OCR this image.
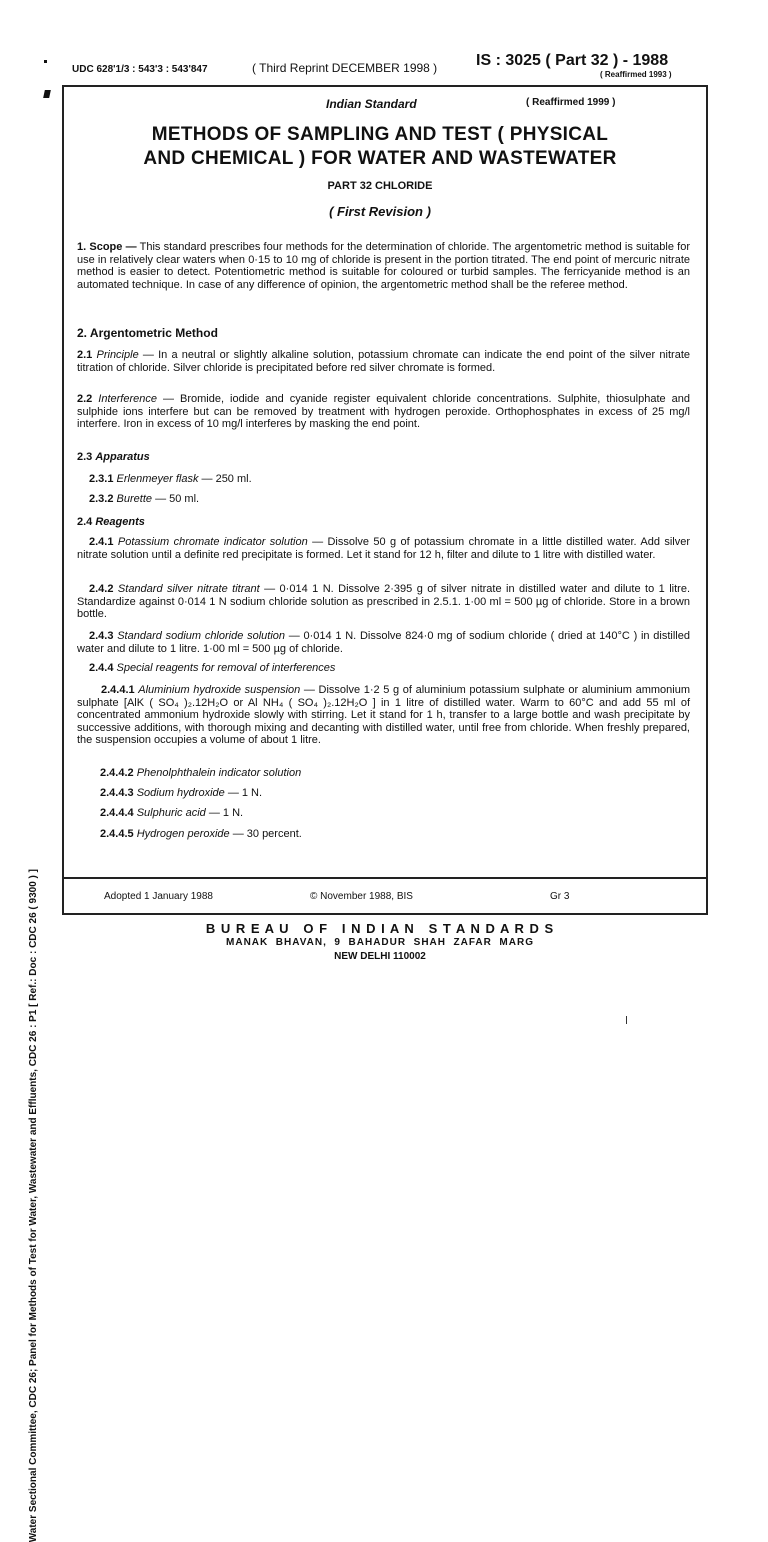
UDC 628'1/3 : 543'3 : 543'847	( Third Reprint DECEMBER 1998 ) IS : 3025 ( Part 32 ) - 1988
( Reaffirmed 1993 )
Water Sectional Committee, CDC 26; Panel for Methods of Test for Water, Wastewater and Effluents, CDC 26 : P1 [ Ref.: Doc : CDC 26 ( 9300 ) ]
Indian Standard	( Reaffirmed 1999 )
METHODS OF SAMPLING AND TEST ( PHYSICAL
AND CHEMICAL ) FOR WATER AND WASTEWATER
PART 32 CHLORIDE
( First Revision )
1. Scope — This standard prescribes four methods for the determination of chloride. The argentometric method is suitable for use in relatively clear waters when 0·15 to 10 mg of chloride is present in the portion titrated. The end point of mercuric nitrate method is easier to detect. Potentiometric method is suitable for coloured or turbid samples. The ferricyanide method is an automated technique. In case of any difference of opinion, the argentometric method shall be the referee method.
2. Argentometric Method
2.1 Principle — In a neutral or slightly alkaline solution, potassium chromate can indicate the end point of the silver nitrate titration of chloride. Silver chloride is precipitated before red silver chromate is formed.
2.2 Interference — Bromide, iodide and cyanide register equivalent chloride concentrations. Sulphite, thiosulphate and sulphide ions interfere but can be removed by treatment with hydrogen peroxide. Orthophosphates in excess of 25 mg/l interfere. Iron in excess of 10 mg/l interferes by masking the end point.
2.3 Apparatus
2.3.1 Erlenmeyer flask — 250 ml.
2.3.2 Burette — 50 ml.
2.4 Reagents
2.4.1 Potassium chromate indicator solution — Dissolve 50 g of potassium chromate in a little distilled water. Add silver nitrate solution until a definite red precipitate is formed. Let it stand for 12 h, filter and dilute to 1 litre with distilled water.
2.4.2 Standard silver nitrate titrant — 0·014 1 N. Dissolve 2·395 g of silver nitrate in distilled water and dilute to 1 litre. Standardize against 0·014 1 N sodium chloride solution as prescribed in 2.5.1. 1·00 ml = 500 µg of chloride. Store in a brown bottle.
2.4.3 Standard sodium chloride solution — 0·014 1 N. Dissolve 824·0 mg of sodium chloride ( dried at 140°C ) in distilled water and dilute to 1 litre. 1·00 ml = 500 µg of chloride.
2.4.4 Special reagents for removal of interferences
2.4.4.1 Aluminium hydroxide suspension — Dissolve 1·2 5 g of aluminium potassium sulphate or aluminium ammonium sulphate [AlK ( SO₄ )₂.12H₂O or Al NH₄ ( SO₄ )₂.12H₂O ] in 1 litre of distilled water. Warm to 60°C and add 55 ml of concentrated ammonium hydroxide slowly with stirring. Let it stand for 1 h, transfer to a large bottle and wash precipitate by successive additions, with thorough mixing and decanting with distilled water, until free from chloride. When freshly prepared, the suspension occupies a volume of about 1 litre.
2.4.4.2 Phenolphthalein indicator solution
2.4.4.3 Sodium hydroxide — 1 N.
2.4.4.4 Sulphuric acid — 1 N.
2.4.4.5 Hydrogen peroxide — 30 percent.
Adopted 1 January 1988	© November 1988, BIS	Gr 3
B U R E A U   O F   I N D I A N   S T A N D A R D S
MANAK  BHAVAN,  9  BAHADUR  SHAH  ZAFAR  MARG
NEW DELHI 110002
